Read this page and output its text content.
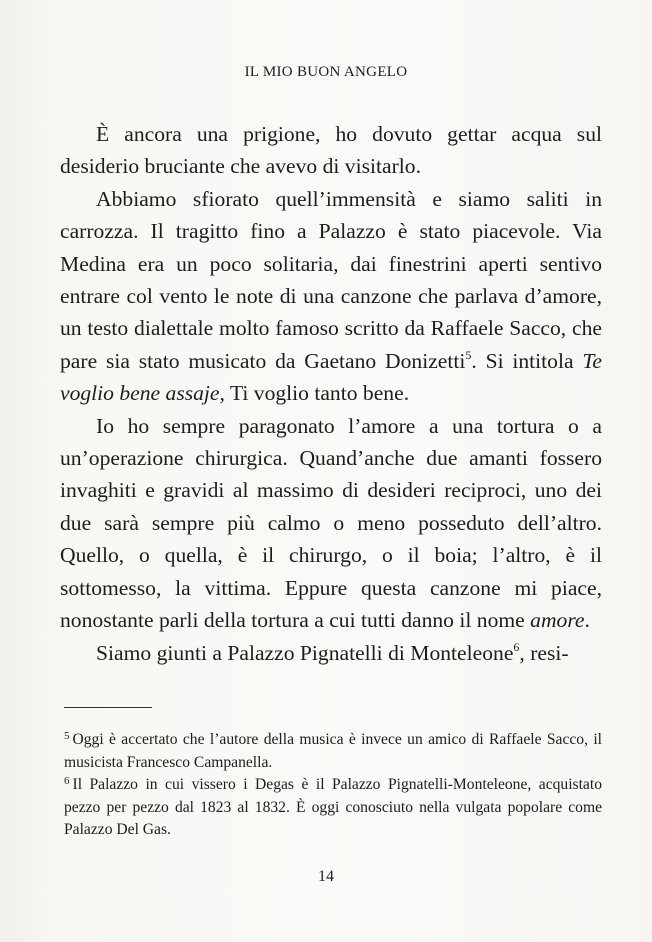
IL MIO BUON ANGELO

È ancora una prigione, ho dovuto gettar acqua sul desiderio bruciante che avevo di visitarlo.

Abbiamo sfiorato quell’immensità e siamo saliti in carrozza. Il tragitto fino a Palazzo è stato piacevole. Via Medina era un poco solitaria, dai finestrini aperti sentivo entrare col vento le note di una canzone che parlava d’amore, un testo dialettale molto famoso scritto da Raffaele Sacco, che pare sia stato musicato da Gaetano Donizetti$^5$. Si intitola Te voglio bene assaje, Ti voglio tanto bene.

Io ho sempre paragonato l’amore a una tortura o a un’operazione chirurgica. Quand’anche due amanti fossero invaghiti e gravidi al massimo di desideri reciproci, uno dei due sarà sempre più calmo o meno posseduto dell’altro. Quello, o quella, è il chirurgo, o il boia; l’altro, è il sottomesso, la vittima. Eppure questa canzone mi piace, nonostante parli della tortura a cui tutti danno il nome amore.

Siamo giunti a Palazzo Pignatelli di Monteleone$^6$, resi-

$^5$ Oggi è accertato che l’autore della musica è invece un amico di Raffaele Sacco, il musicista Francesco Campanella.

$^6$ Il Palazzo in cui vissero i Degas è il Palazzo Pignatelli-Monteleone, acquistato pezzo per pezzo dal 1823 al 1832. È oggi conosciuto nella vulgata popolare come Palazzo Del Gas.

14
